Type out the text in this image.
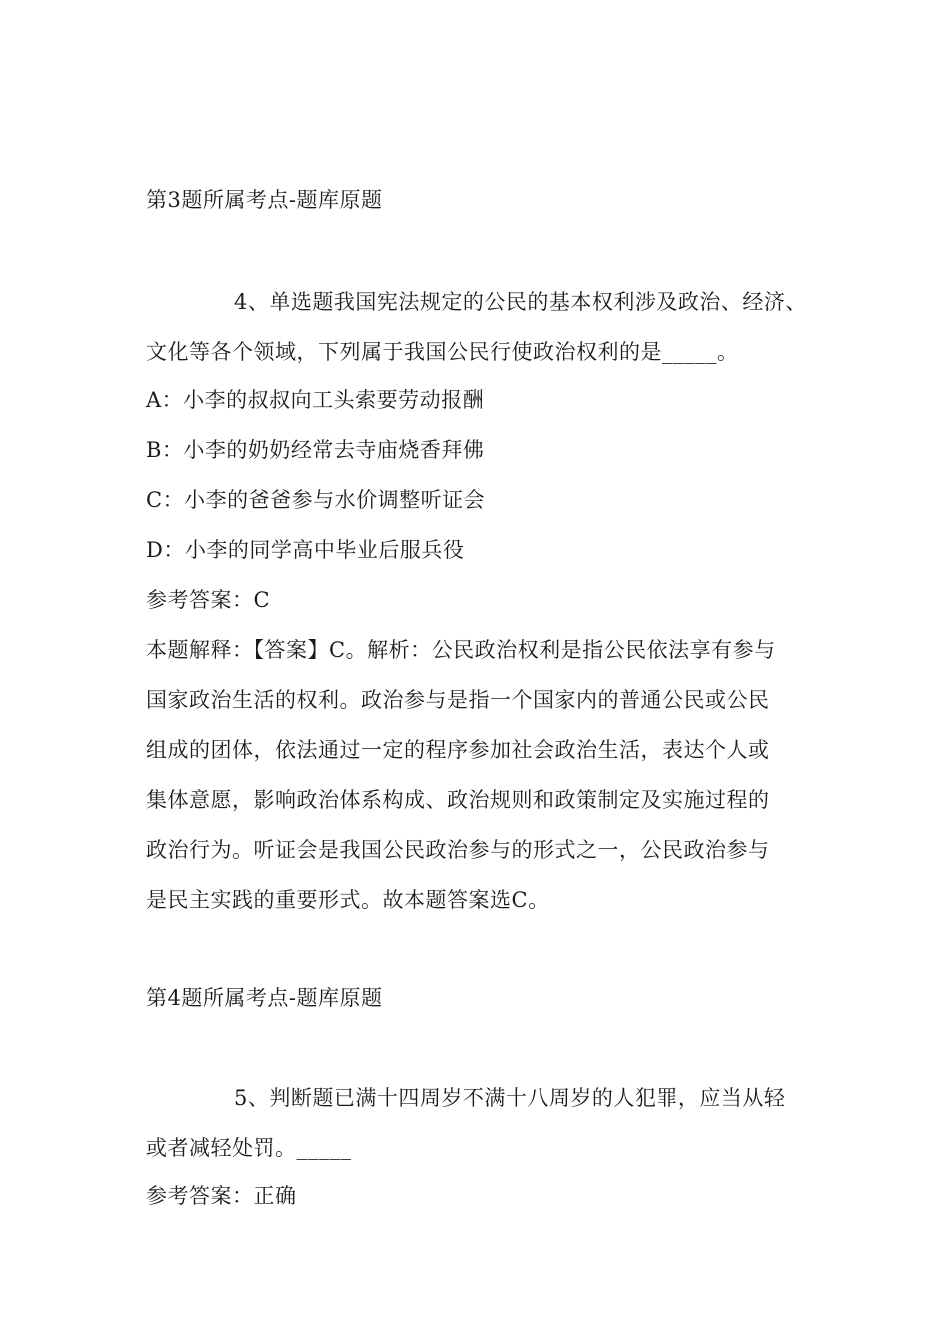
第3题所属考点-题库原题
4、单选题我国宪法规定的公民的基本权利涉及政治、经济、
文化等各个领域，下列属于我国公民行使政治权利的是_____。
A：小李的叔叔向工头索要劳动报酬
B：小李的奶奶经常去寺庙烧香拜佛
C：小李的爸爸参与水价调整听证会
D：小李的同学高中毕业后服兵役
参考答案：C
本题解释：【答案】C。解析：公民政治权利是指公民依法享有参与
国家政治生活的权利。政治参与是指一个国家内的普通公民或公民
组成的团体，依法通过一定的程序参加社会政治生活，表达个人或
集体意愿，影响政治体系构成、政治规则和政策制定及实施过程的
政治行为。听证会是我国公民政治参与的形式之一，公民政治参与
是民主实践的重要形式。故本题答案选C。
第4题所属考点-题库原题
5、判断题已满十四周岁不满十八周岁的人犯罪，应当从轻
或者减轻处罚。_____
参考答案：正确
